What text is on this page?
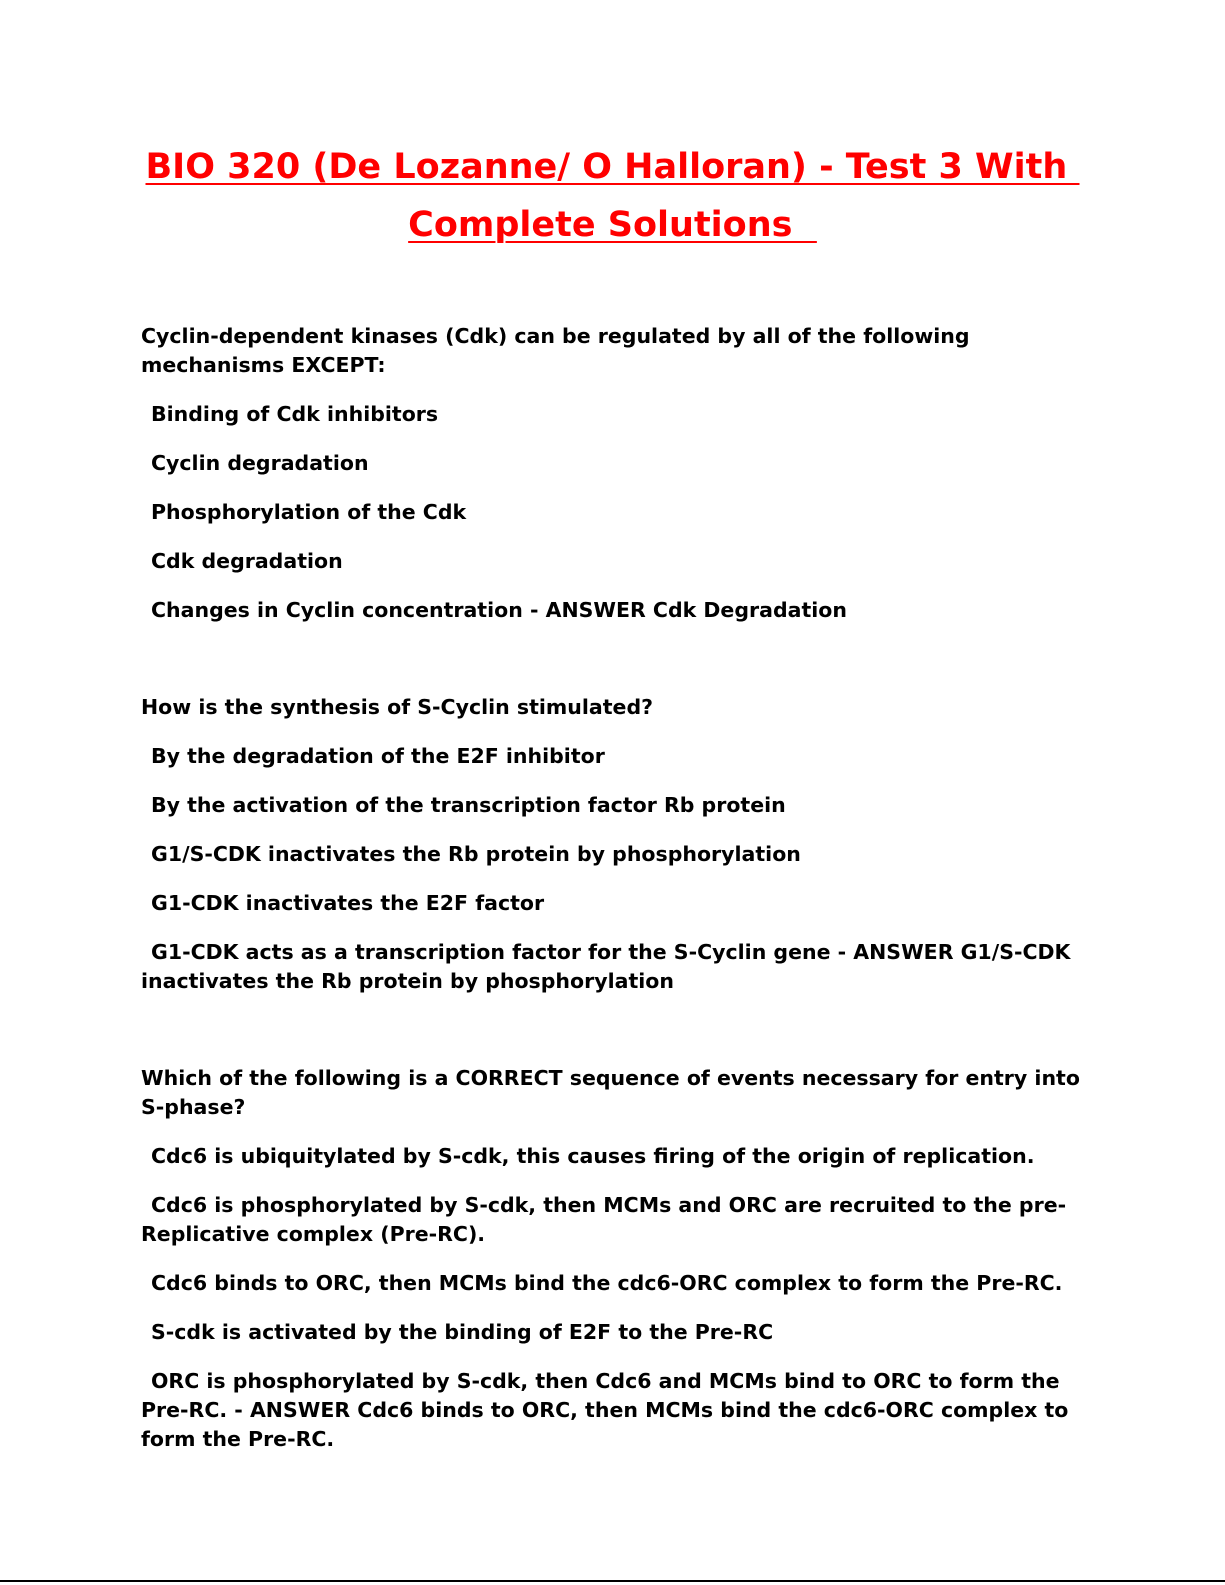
BIO 320 (De Lozanne/ O Halloran) - Test 3 With
Complete Solutions

Cyclin-dependent kinases (Cdk) can be regulated by all of the following mechanisms EXCEPT:

Binding of Cdk inhibitors

Cyclin degradation

Phosphorylation of the Cdk

Cdk degradation

Changes in Cyclin concentration - ANSWER Cdk Degradation

How is the synthesis of S-Cyclin stimulated?

By the degradation of the E2F inhibitor

By the activation of the transcription factor Rb protein

G1/S-CDK inactivates the Rb protein by phosphorylation

G1-CDK inactivates the E2F factor

G1-CDK acts as a transcription factor for the S-Cyclin gene - ANSWER G1/S-CDK inactivates the Rb protein by phosphorylation

Which of the following is a CORRECT sequence of events necessary for entry into S-phase?

Cdc6 is ubiquitylated by S-cdk, this causes firing of the origin of replication.

Cdc6 is phosphorylated by S-cdk, then MCMs and ORC are recruited to the pre-Replicative complex (Pre-RC).

Cdc6 binds to ORC, then MCMs bind the cdc6-ORC complex to form the Pre-RC.

S-cdk is activated by the binding of E2F to the Pre-RC

ORC is phosphorylated by S-cdk, then Cdc6 and MCMs bind to ORC to form the Pre-RC. - ANSWER Cdc6 binds to ORC, then MCMs bind the cdc6-ORC complex to form the Pre-RC.
